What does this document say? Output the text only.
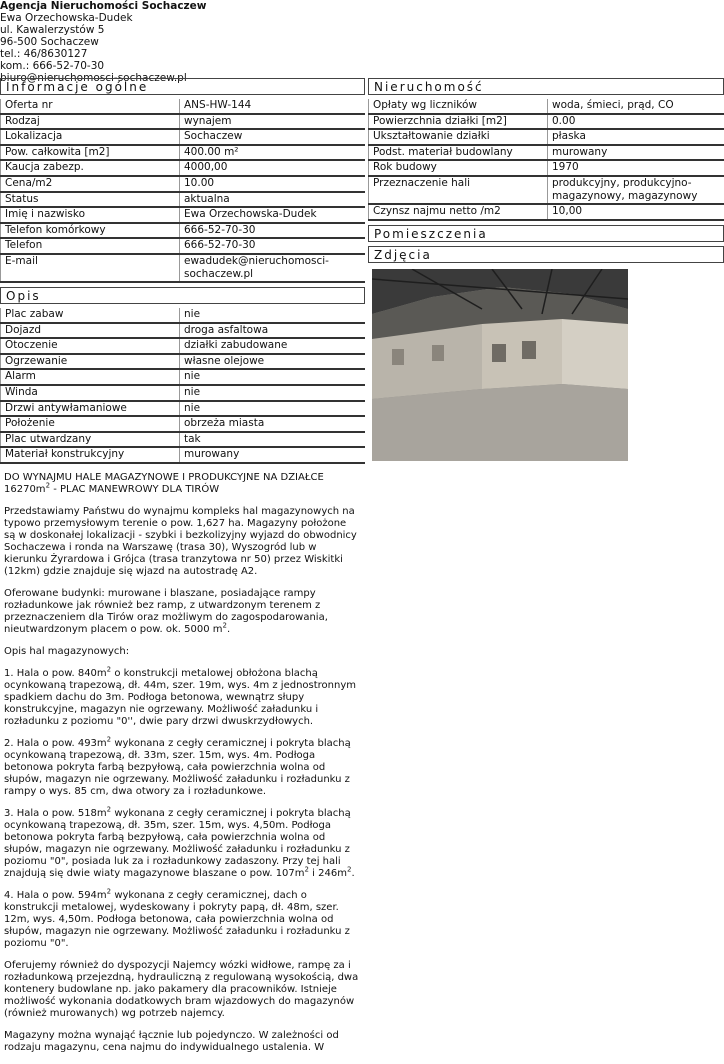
Agencja Nieruchomości Sochaczew
Ewa Orzechowska-Dudek
ul. Kawalerzystów 5
96-500 Sochaczew
tel.: 46/8630127
kom.: 666-52-70-30
biuro@nieruchomosci-sochaczew.pl
Informacje ogólne
Oferta nr	ANS-HW-144
Rodzaj	wynajem
Lokalizacja	Sochaczew
Pow. całkowita [m2]	400.00 m²
Kaucja zabezp.	4000,00
Cena/m2	10.00
Status	aktualna
Imię i nazwisko	Ewa Orzechowska-Dudek
Telefon komórkowy	666-52-70-30
Telefon	666-52-70-30
E-mail	ewadudek@nieruchomosci-sochaczew.pl
Opis
Plac zabaw	nie
Dojazd	droga asfaltowa
Otoczenie	działki zabudowane
Ogrzewanie	własne olejowe
Alarm	nie
Winda	nie
Drzwi antywłamaniowe	nie
Położenie	obrzeża miasta
Plac utwardzany	tak
Materiał konstrukcyjny	murowany
Nieruchomość
Opłaty wg liczników	woda, śmieci, prąd, CO
Powierzchnia działki [m2]	0.00
Ukształtowanie działki	płaska
Podst. materiał budowlany	murowany
Rok budowy	1970
Przeznaczenie hali	produkcyjny, produkcyjno-magazynowy, magazynowy
Czynsz najmu netto /m2	10,00
Pomieszczenia
Zdjęcia

DO WYNAJMU HALE MAGAZYNOWE I PRODUKCYJNE NA DZIAŁCE $16270m^2$ - PLAC MANEWROWY DLA TIRÓW

Przedstawiamy Państwu do wynajmu kompleks hal magazynowych na typowo przemysłowym terenie o pow. 1,627 ha. Magazyny położone są w doskonałej lokalizacji - szybki i bezkolizyjny wyjazd do obwodnicy Sochaczewa i ronda na Warszawę (trasa 30), Wyszogród lub w kierunku Żyrardowa i Grójca (trasa tranzytowa nr 50) przez Wiskitki (12km) gdzie znajduje się wjazd na autostradę A2.

Oferowane budynki: murowane i blaszane, posiadające rampy rozładunkowe jak również bez ramp, z utwardzonym terenem z przeznaczeniem dla Tirów oraz możliwym do zagospodarowania, nieutwardzonym placem o pow. ok. 5000 $m^2$.

Opis hal magazynowych:

1. Hala o pow. $840m^2$ o konstrukcji metalowej obłożona blachą ocynkowaną trapezową, dł. 44m, szer. 19m, wys. 4m z jednostronnym spadkiem dachu do 3m. Podłoga betonowa, wewnątrz słupy konstrukcyjne, magazyn nie ogrzewany. Możliwość załadunku i rozładunku z poziomu "0'', dwie pary drzwi dwuskrzydłowych.

2. Hala o pow. $493m^2$ wykonana z cegły ceramicznej i pokryta blachą ocynkowaną trapezową, dł. 33m, szer. 15m, wys. 4m. Podłoga betonowa pokryta farbą bezpyłową, cała powierzchnia wolna od słupów, magazyn nie ogrzewany. Możliwość załadunku i rozładunku z rampy o wys. 85 cm, dwa otwory za i rozładunkowe.

3. Hala o pow. $518m^2$ wykonana z cegły ceramicznej i pokryta blachą ocynkowaną trapezową, dł. 35m, szer. 15m, wys. 4,50m. Podłoga betonowa pokryta farbą bezpyłową, cała powierzchnia wolna od słupów, magazyn nie ogrzewany. Możliwość załadunku i rozładunku z poziomu "0", posiada luk za i rozładunkowy zadaszony. Przy tej hali znajdują się dwie wiaty magazynowe blaszane o pow. $107m^2$ i $246m^2$.

4. Hala o pow. $594m^2$ wykonana z cegły ceramicznej, dach o konstrukcji metalowej, wydeskowany i pokryty papą, dł. 48m, szer. 12m, wys. 4,50m. Podłoga betonowa, cała powierzchnia wolna od słupów, magazyn nie ogrzewany. Możliwość załadunku i rozładunku z poziomu "0".

Oferujemy również do dyspozycji Najemcy wózki widłowe, rampę za i rozładunkową przejezdną, hydrauliczną z regulowaną wysokością, dwa kontenery budowlane np. jako pakamery dla pracowników. Istnieje możliwość wykonania dodatkowych bram wjazdowych do magazynów (również murowanych) wg potrzeb najemcy.

Magazyny można wynająć łącznie lub pojedynczo. W zależności od rodzaju magazynu, cena najmu do indywidualnego ustalenia. W
